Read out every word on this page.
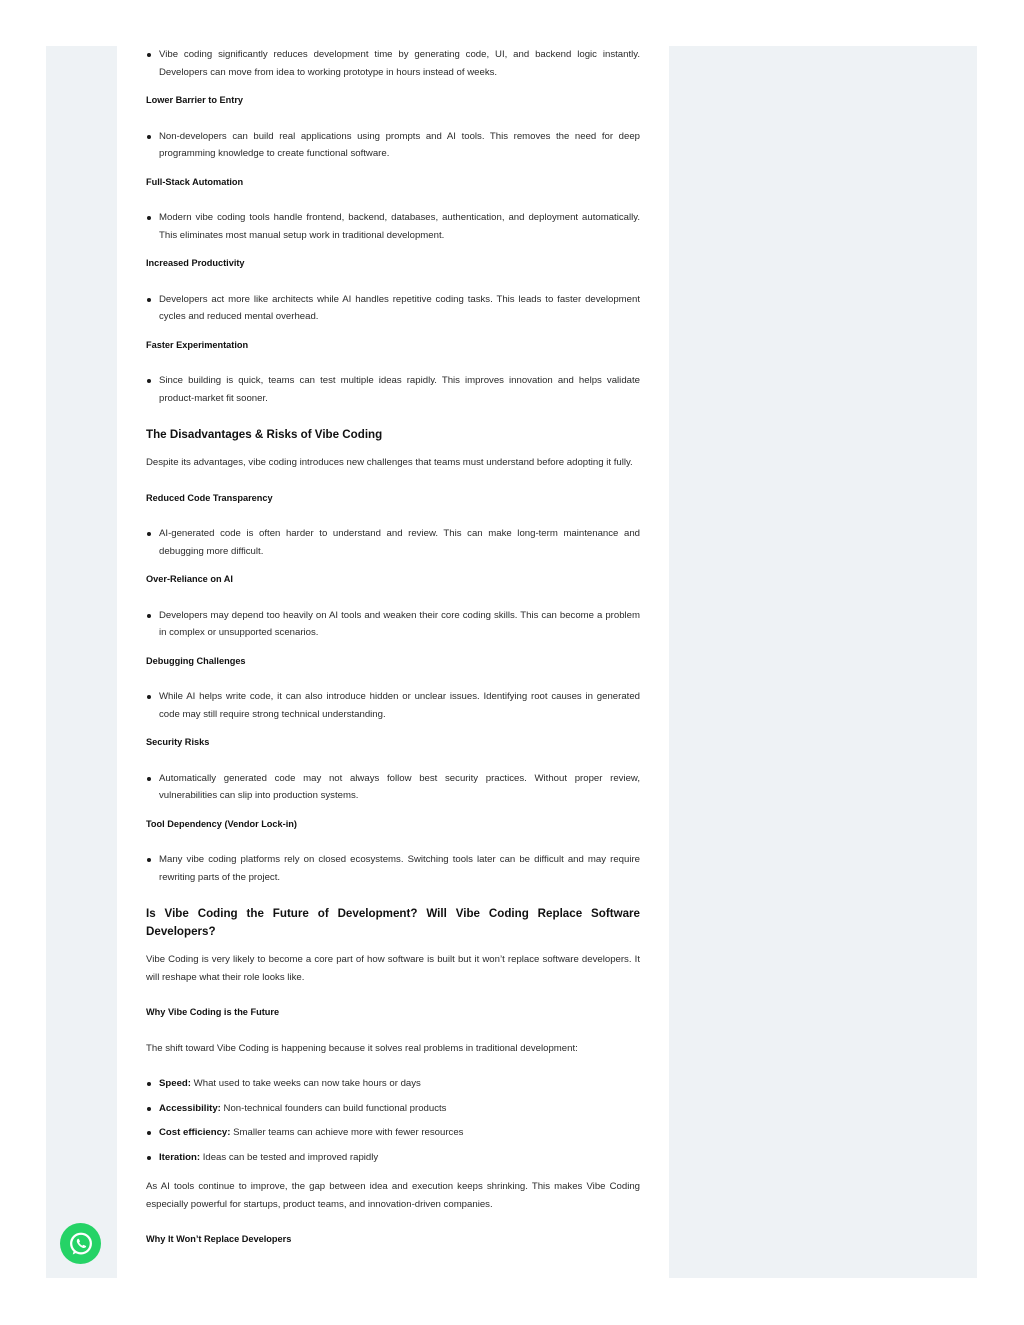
Vibe coding significantly reduces development time by generating code, UI, and backend logic instantly. Developers can move from idea to working prototype in hours instead of weeks.

Lower Barrier to Entry

Non-developers can build real applications using prompts and AI tools. This removes the need for deep programming knowledge to create functional software.

Full-Stack Automation

Modern vibe coding tools handle frontend, backend, databases, authentication, and deployment automatically. This eliminates most manual setup work in traditional development.

Increased Productivity

Developers act more like architects while AI handles repetitive coding tasks. This leads to faster development cycles and reduced mental overhead.

Faster Experimentation

Since building is quick, teams can test multiple ideas rapidly. This improves innovation and helps validate product-market fit sooner.

The Disadvantages & Risks of Vibe Coding

Despite its advantages, vibe coding introduces new challenges that teams must understand before adopting it fully.

Reduced Code Transparency

AI-generated code is often harder to understand and review. This can make long-term maintenance and debugging more difficult.

Over-Reliance on AI

Developers may depend too heavily on AI tools and weaken their core coding skills. This can become a problem in complex or unsupported scenarios.

Debugging Challenges

While AI helps write code, it can also introduce hidden or unclear issues. Identifying root causes in generated code may still require strong technical understanding.

Security Risks

Automatically generated code may not always follow best security practices. Without proper review, vulnerabilities can slip into production systems.

Tool Dependency (Vendor Lock-in)

Many vibe coding platforms rely on closed ecosystems. Switching tools later can be difficult and may require rewriting parts of the project.

Is Vibe Coding the Future of Development? Will Vibe Coding Replace Software Developers?

Vibe Coding is very likely to become a core part of how software is built but it won’t replace software developers. It will reshape what their role looks like.

Why Vibe Coding is the Future

The shift toward Vibe Coding is happening because it solves real problems in traditional development:

Speed: What used to take weeks can now take hours or days
Accessibility: Non-technical founders can build functional products
Cost efficiency: Smaller teams can achieve more with fewer resources
Iteration: Ideas can be tested and improved rapidly

As AI tools continue to improve, the gap between idea and execution keeps shrinking. This makes Vibe Coding especially powerful for startups, product teams, and innovation-driven companies.

Why It Won’t Replace Developers
